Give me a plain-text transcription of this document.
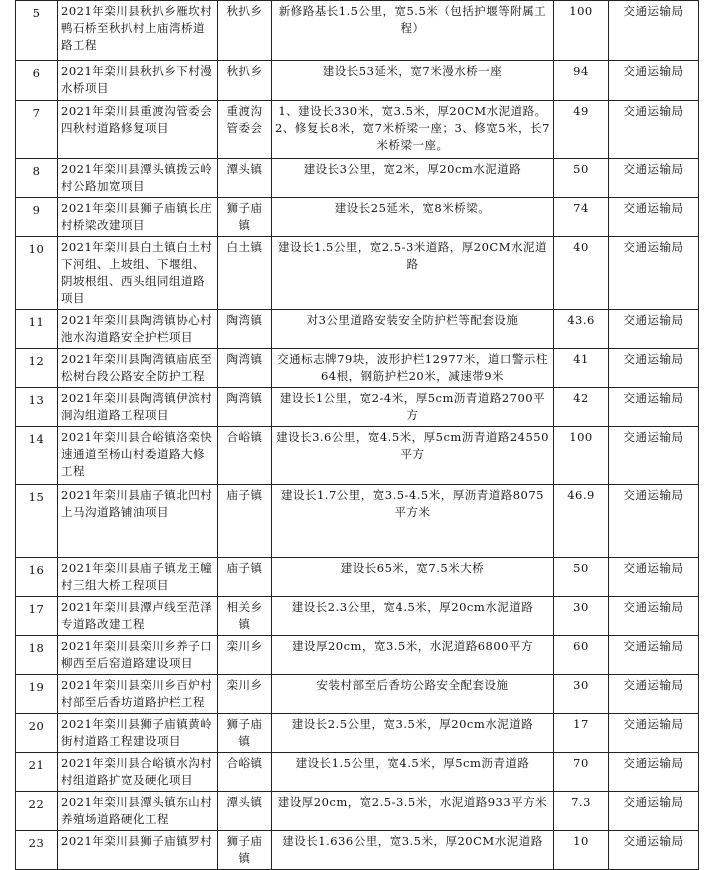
5	2021年栾川县秋扒乡雁坎村鸭石桥至秋扒村上庙湾桥道路工程	秋扒乡	新修路基长1.5公里，宽5.5米（包括护堰等附属工程）	100	交通运输局
6	2021年栾川县秋扒乡下村漫水桥项目	秋扒乡	建设长53延米，宽7米漫水桥一座	94	交通运输局
7	2021年栾川县重渡沟管委会四秋村道路修复项目	重渡沟管委会	1、建设长330米，宽3.5米，厚20CM水泥道路。2、修复长8米，宽7米桥梁一座；3、修宽5米，长7米桥梁一座。	49	交通运输局
8	2021年栾川县潭头镇拨云岭村公路加宽项目	潭头镇	建设长3公里，宽2米，厚20cm水泥道路	50	交通运输局
9	2021年栾川县狮子庙镇长庄村桥梁改建项目	狮子庙镇	建设长25延米，宽8米桥梁。	74	交通运输局
10	2021年栾川县白土镇白土村下河组、上坡组、下堰组、阴坡根组、西头组同组道路项目	白土镇	建设长1.5公里，宽2.5-3米道路，厚20CM水泥道路	40	交通运输局
11	2021年栾川县陶湾镇协心村池水沟道路安全护栏项目	陶湾镇	对3公里道路安装安全防护栏等配套设施	43.6	交通运输局
12	2021年栾川县陶湾镇庙底至松树台段公路安全防护工程	陶湾镇	交通标志牌79块，波形护栏12977米，道口警示柱64根，钢筋护栏20米，减速带9米	41	交通运输局
13	2021年栾川县陶湾镇伊滨村洞沟组道路工程项目	陶湾镇	建设长1公里，宽2-4米，厚5cm沥青道路2700平方	42	交通运输局
14	2021年栾川县合峪镇洛栾快速通道至杨山村委道路大修工程	合峪镇	建设长3.6公里，宽4.5米，厚5cm沥青道路24550平方	100	交通运输局
15	2021年栾川县庙子镇北凹村上马沟道路铺油项目	庙子镇	建设长1.7公里，宽3.5-4.5米，厚沥青道路8075平方米	46.9	交通运输局
16	2021年栾川县庙子镇龙王幢村三组大桥工程项目	庙子镇	建设长65米，宽7.5米大桥	50	交通运输局
17	2021年栾川县潭卢线至范泽专道路改建工程	相关乡镇	建设长2.3公里，宽4.5米，厚20cm水泥道路	30	交通运输局
18	2021年栾川县栾川乡养子口柳西至后窑道路建设项目	栾川乡	建设厚20cm，宽3.5米，水泥道路6800平方	60	交通运输局
19	2021年栾川县栾川乡百炉村村部至后香坊道路护栏工程	栾川乡	安装村部至后香坊公路安全配套设施	30	交通运输局
20	2021年栾川县狮子庙镇黄岭街村道路工程建设项目	狮子庙镇	建设长2.5公里，宽3.5米，厚20cm水泥道路	17	交通运输局
21	2021年栾川县合峪镇水沟村村组道路扩宽及硬化项目	合峪镇	建设长1.5公里，宽4.5米，厚5cm沥青道路	70	交通运输局
22	2021年栾川县潭头镇东山村养殖场道路硬化工程	潭头镇	建设厚20cm，宽2.5-3.5米，水泥道路933平方米	7.3	交通运输局
23	2021年栾川县狮子庙镇罗村	狮子庙镇	建设长1.636公里，宽3.5米，厚20CM水泥道路	10	交通运输局
